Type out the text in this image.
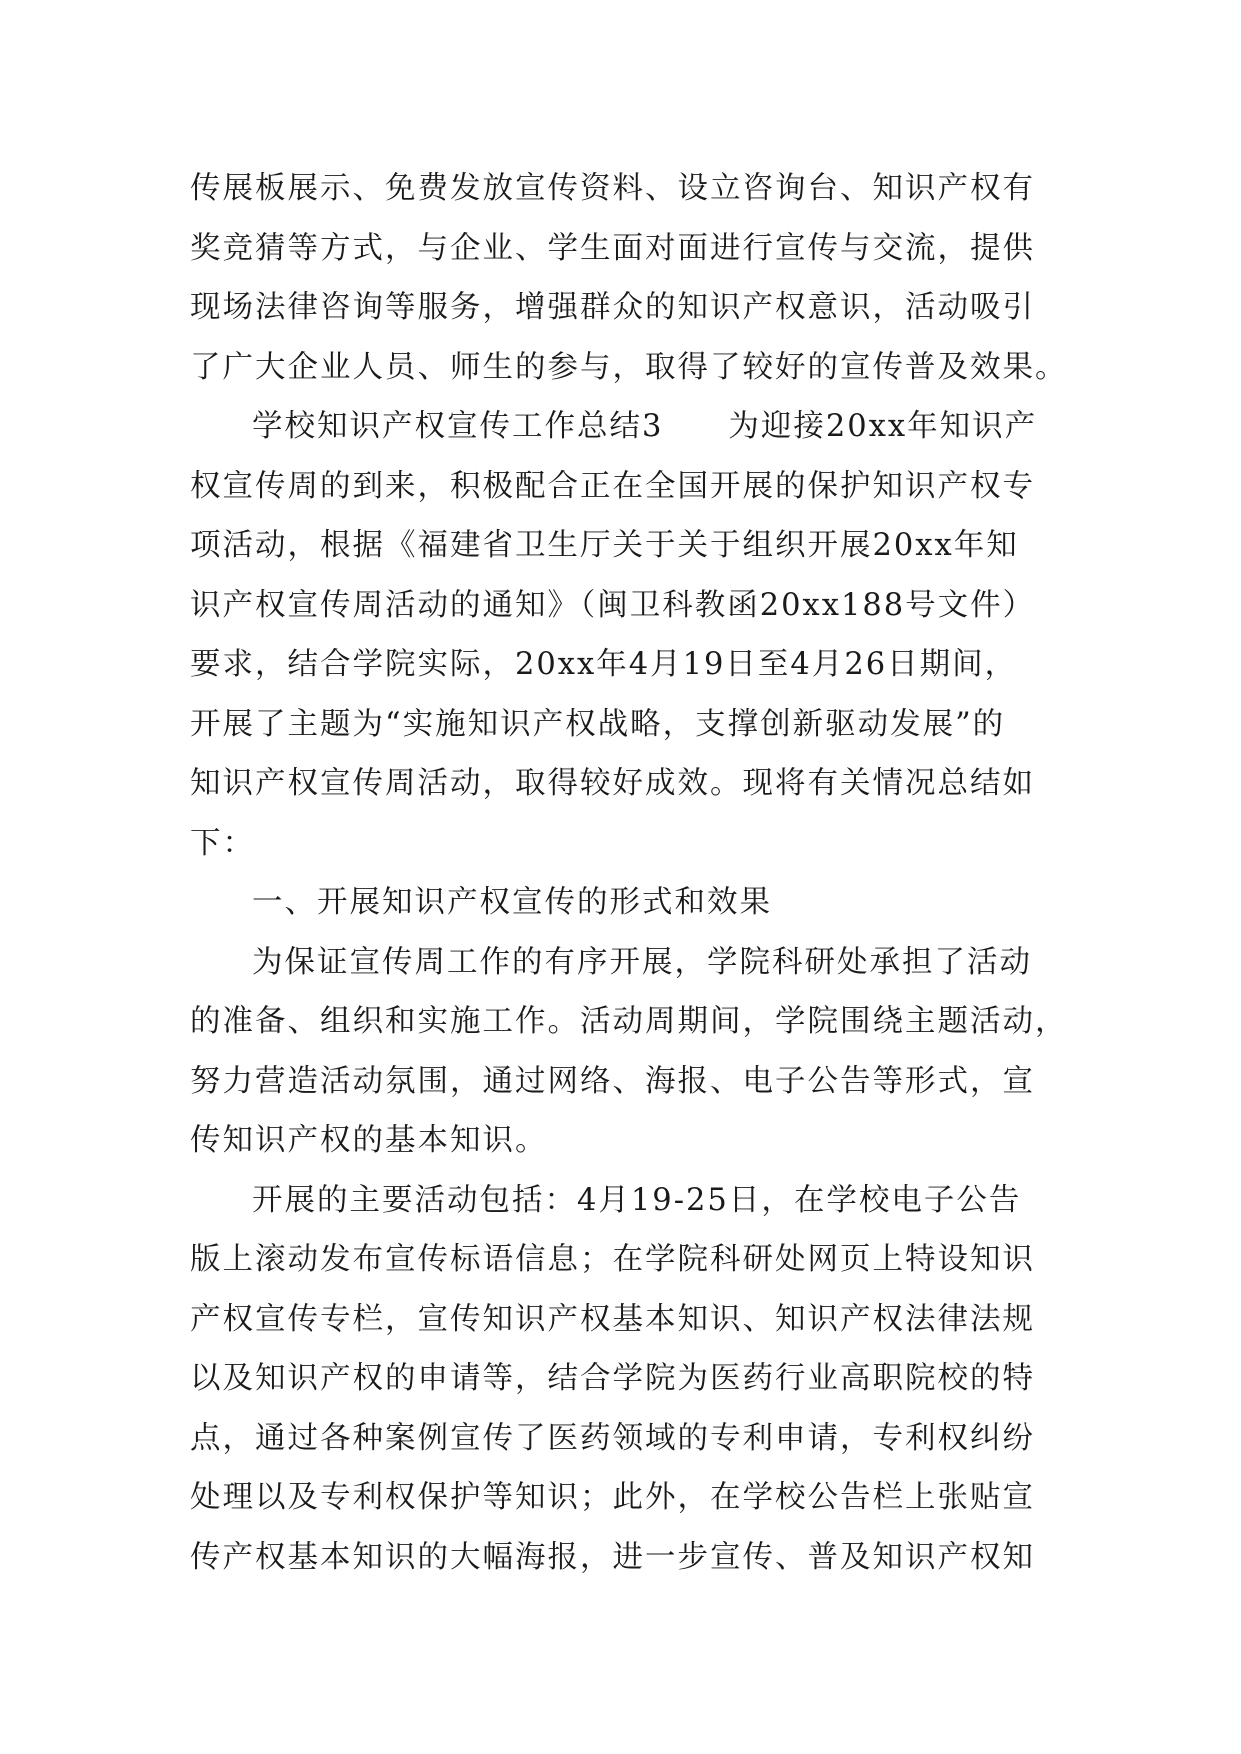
传展板展示、免费发放宣传资料、设立咨询台、知识产权有
奖竞猜等方式，与企业、学生面对面进行宣传与交流，提供
现场法律咨询等服务，增强群众的知识产权意识，活动吸引
了广大企业人员、师生的参与，取得了较好的宣传普及效果。
学校知识产权宣传工作总结3　　为迎接20xx年知识产
权宣传周的到来，积极配合正在全国开展的保护知识产权专
项活动，根据《福建省卫生厅关于关于组织开展20xx年知
识产权宣传周活动的通知》（闽卫科教函20xx188号文件）
要求，结合学院实际，20xx年4月19日至4月26日期间，
开展了主题为“实施知识产权战略，支撑创新驱动发展”的
知识产权宣传周活动，取得较好成效。现将有关情况总结如
下：
一、开展知识产权宣传的形式和效果
为保证宣传周工作的有序开展，学院科研处承担了活动
的准备、组织和实施工作。活动周期间，学院围绕主题活动，
努力营造活动氛围，通过网络、海报、电子公告等形式，宣
传知识产权的基本知识。
开展的主要活动包括：4月19-25日，在学校电子公告
版上滚动发布宣传标语信息；在学院科研处网页上特设知识
产权宣传专栏，宣传知识产权基本知识、知识产权法律法规
以及知识产权的申请等，结合学院为医药行业高职院校的特
点，通过各种案例宣传了医药领域的专利申请，专利权纠纷
处理以及专利权保护等知识；此外，在学校公告栏上张贴宣
传产权基本知识的大幅海报，进一步宣传、普及知识产权知
